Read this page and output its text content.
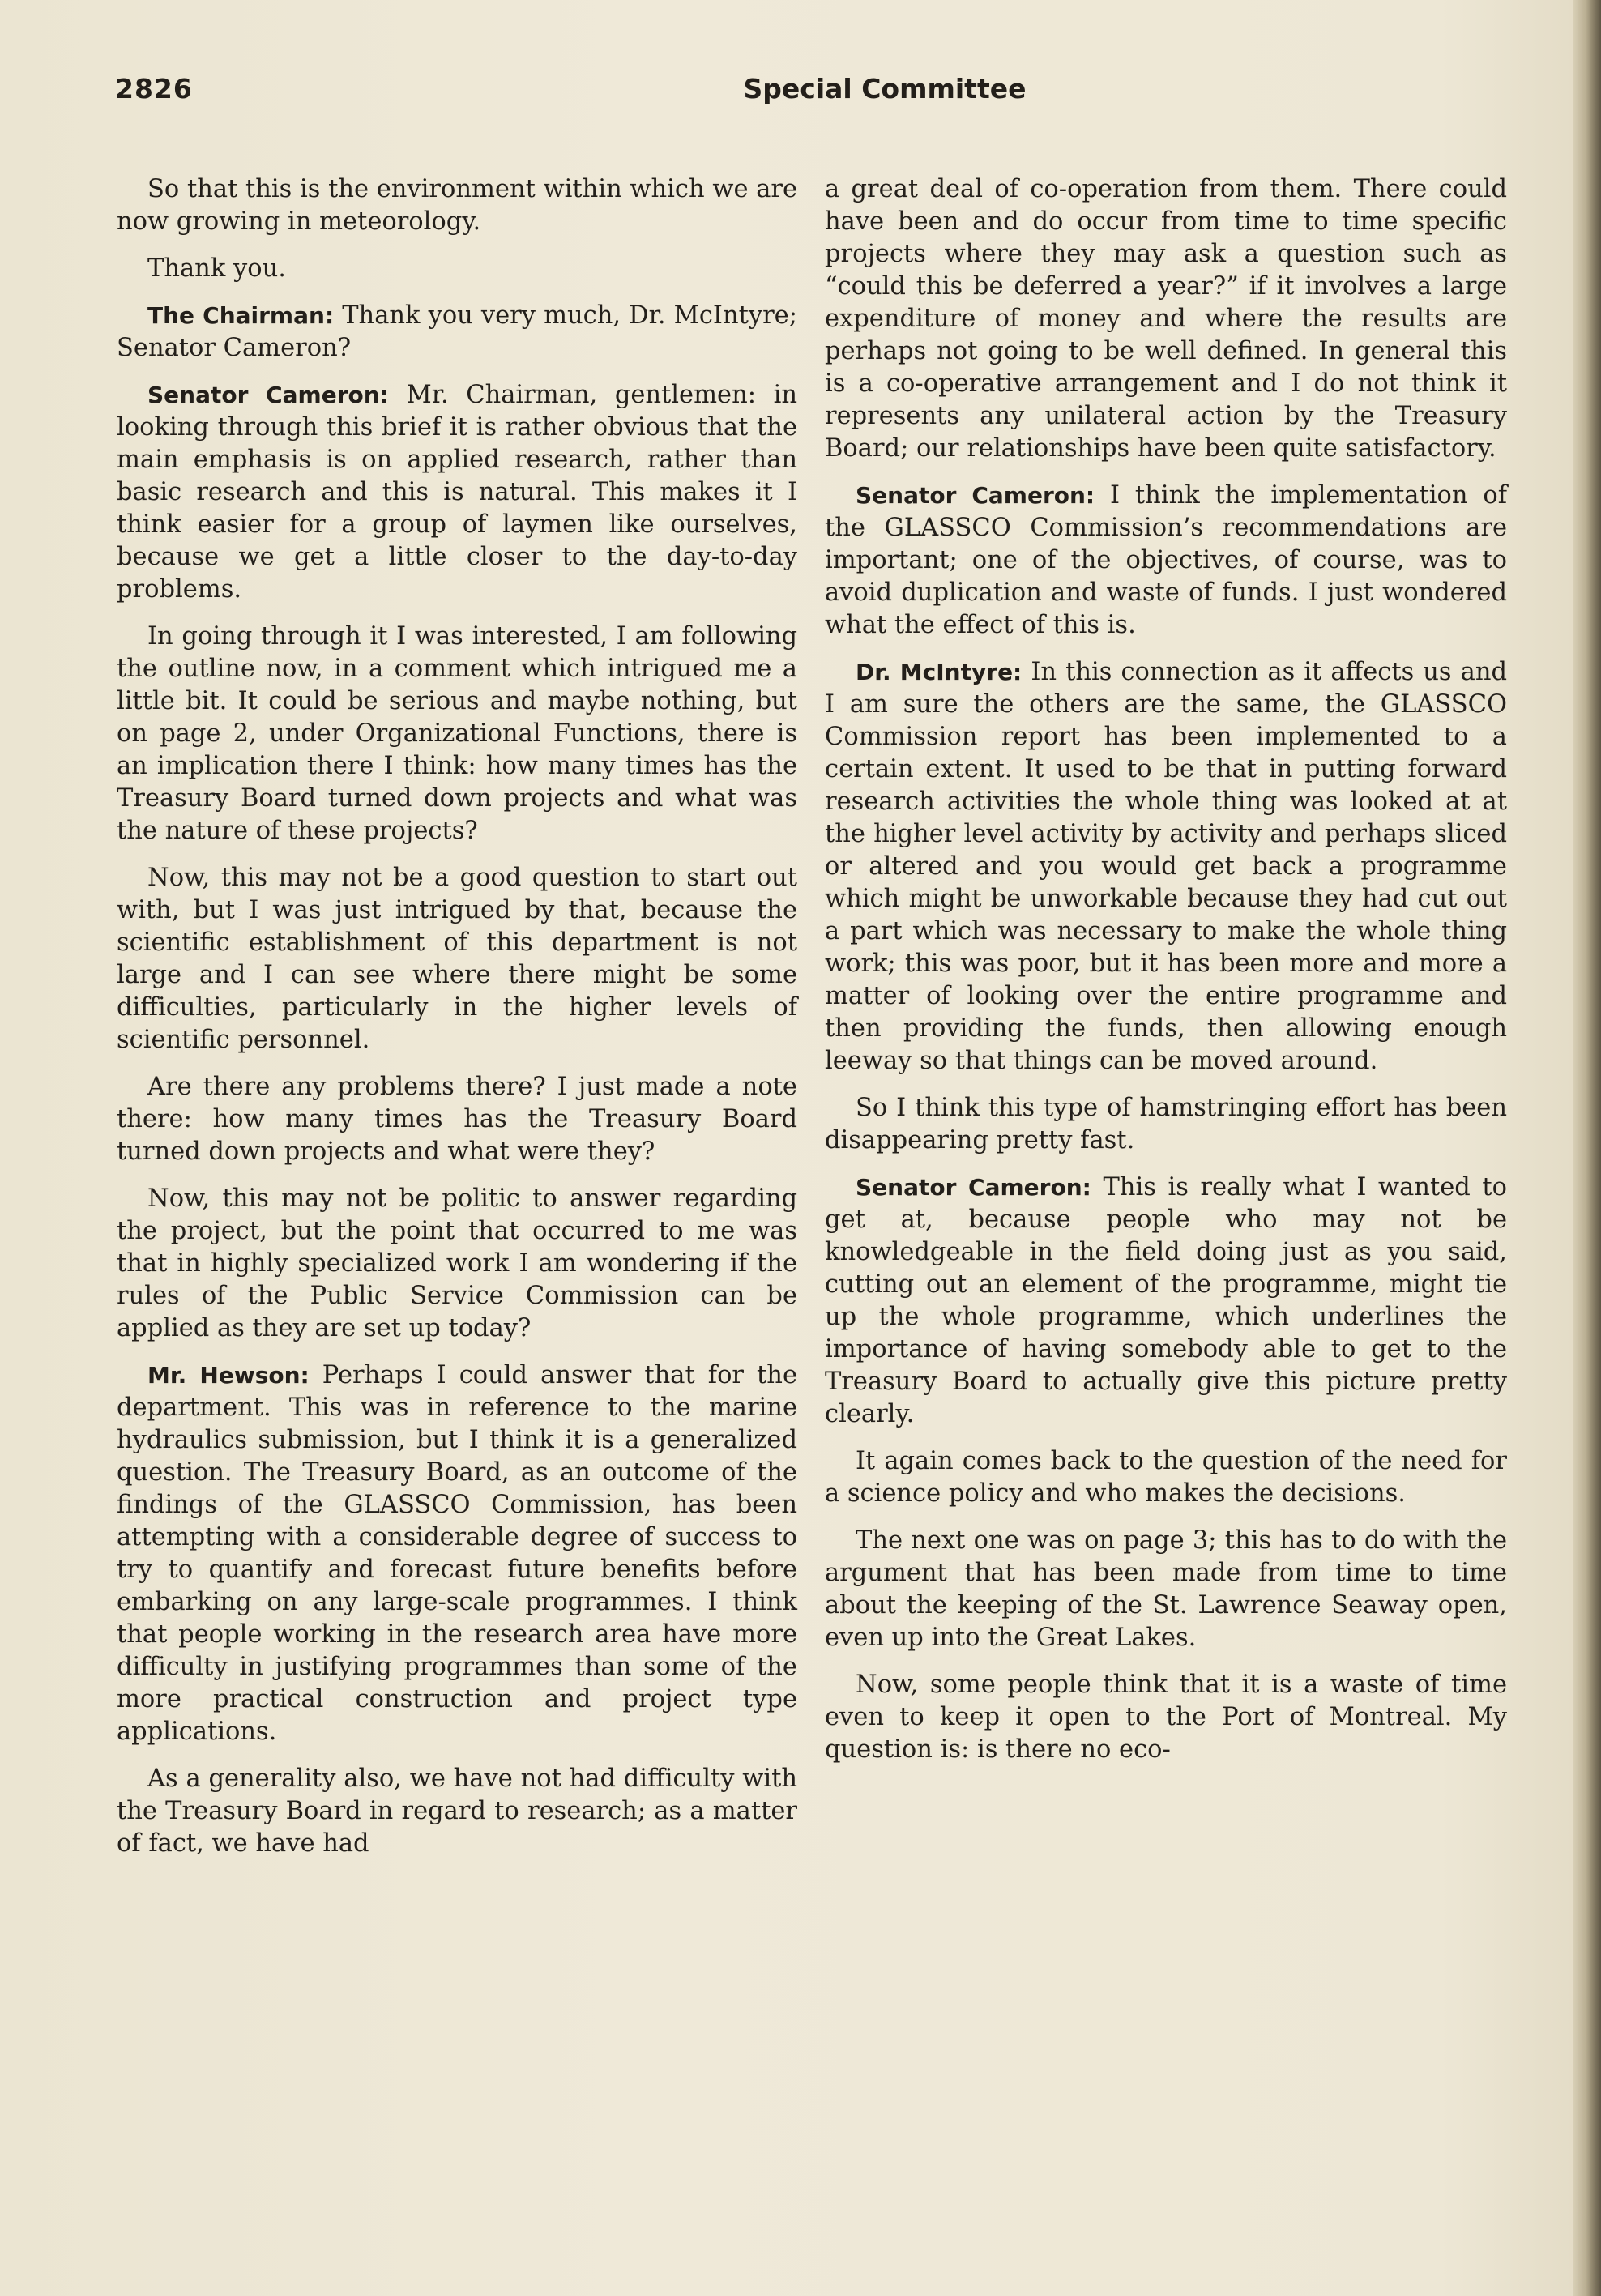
2826	Special Committee

So that this is the environment within which we are now growing in meteorology.

Thank you.

The Chairman: Thank you very much, Dr. McIntyre; Senator Cameron?

Senator Cameron: Mr. Chairman, gentlemen: in looking through this brief it is rather obvious that the main emphasis is on applied research, rather than basic research and this is natural. This makes it I think easier for a group of laymen like ourselves, because we get a little closer to the day-to-day problems.

In going through it I was interested, I am following the outline now, in a comment which intrigued me a little bit. It could be serious and maybe nothing, but on page 2, under Organizational Functions, there is an implication there I think: how many times has the Treasury Board turned down projects and what was the nature of these projects?

Now, this may not be a good question to start out with, but I was just intrigued by that, because the scientific establishment of this department is not large and I can see where there might be some difficulties, particularly in the higher levels of scientific personnel.

Are there any problems there? I just made a note there: how many times has the Treasury Board turned down projects and what were they?

Now, this may not be politic to answer regarding the project, but the point that occurred to me was that in highly specialized work I am wondering if the rules of the Public Service Commission can be applied as they are set up today?

Mr. Hewson: Perhaps I could answer that for the department. This was in reference to the marine hydraulics submission, but I think it is a generalized question. The Treasury Board, as an outcome of the findings of the GLASSCO Commission, has been attempting with a considerable degree of success to try to quantify and forecast future benefits before embarking on any large-scale programmes. I think that people working in the research area have more difficulty in justifying programmes than some of the more practical construction and project type applications.

As a generality also, we have not had difficulty with the Treasury Board in regard to research; as a matter of fact, we have had

a great deal of co-operation from them. There could have been and do occur from time to time specific projects where they may ask a question such as “could this be deferred a year?” if it involves a large expenditure of money and where the results are perhaps not going to be well defined. In general this is a co-operative arrangement and I do not think it represents any unilateral action by the Treasury Board; our relationships have been quite satisfactory.

Senator Cameron: I think the implementation of the GLASSCO Commission’s recommendations are important; one of the objectives, of course, was to avoid duplication and waste of funds. I just wondered what the effect of this is.

Dr. McIntyre: In this connection as it affects us and I am sure the others are the same, the GLASSCO Commission report has been implemented to a certain extent. It used to be that in putting forward research activities the whole thing was looked at at the higher level activity by activity and perhaps sliced or altered and you would get back a programme which might be unworkable because they had cut out a part which was necessary to make the whole thing work; this was poor, but it has been more and more a matter of looking over the entire programme and then providing the funds, then allowing enough leeway so that things can be moved around.

So I think this type of hamstringing effort has been disappearing pretty fast.

Senator Cameron: This is really what I wanted to get at, because people who may not be knowledgeable in the field doing just as you said, cutting out an element of the programme, might tie up the whole programme, which underlines the importance of having somebody able to get to the Treasury Board to actually give this picture pretty clearly.

It again comes back to the question of the need for a science policy and who makes the decisions.

The next one was on page 3; this has to do with the argument that has been made from time to time about the keeping of the St. Lawrence Seaway open, even up into the Great Lakes.

Now, some people think that it is a waste of time even to keep it open to the Port of Montreal. My question is: is there no eco-
